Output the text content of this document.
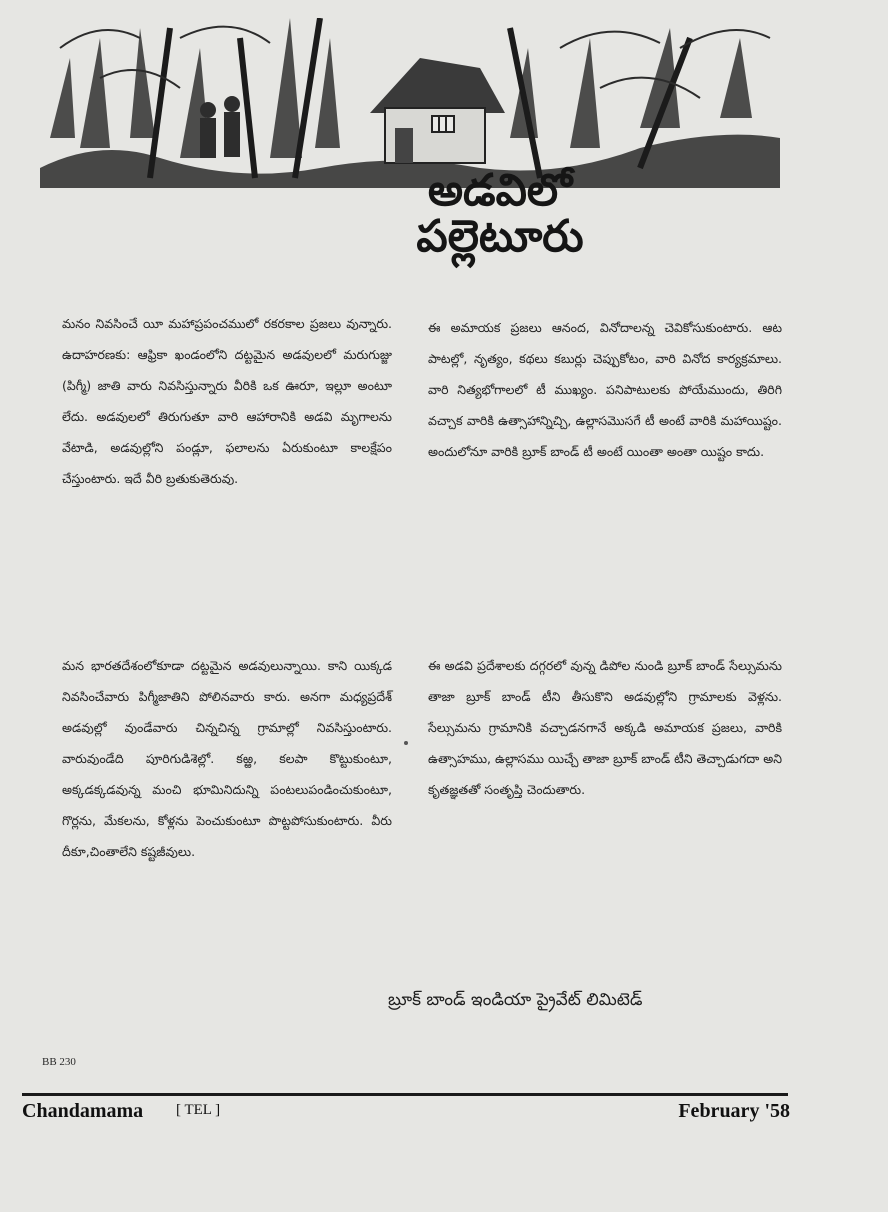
అడవిలో
పల్లెటూరు
మనం నివసించే యీ మహాప్రపంచములో రకరకాల ప్రజలు వున్నారు. ఉదాహరణకు: ఆఫ్రికా ఖండంలోని దట్టమైన అడవులలో మరుగుజ్జు (పిగ్మీ) జాతి వారు నివసిస్తున్నారు వీరికి ఒక ఊరూ, ఇల్లూ అంటూ లేదు. అడవులలో తిరుగుతూ వారి ఆహారానికి అడవి మృగాలను వేటాడి, అడవుల్లోని పండ్లూ, ఫలాలను ఏరుకుంటూ కాలక్షేపం చేస్తుంటారు. ఇదే వీరి బ్రతుకుతెరువు.
మన భారతదేశంలోకూడా దట్టమైన అడవులున్నాయి. కాని యిక్కడ నివసించేవారు పిగ్మీజాతిని పోలినవారు కారు. అనగా మధ్యప్రదేశ్ అడవుల్లో వుండేవారు చిన్నచిన్న గ్రామాల్లో నివసిస్తుంటారు. వారువుండేది పూరిగుడిశెల్లో. కఱ్ఱ, కలపా కొట్టుకుంటూ, అక్కడక్కడవున్న మంచి భూమినిదున్ని పంటలుపండించుకుంటూ, గొర్లను, మేకలను, కోళ్లను పెంచుకుంటూ పొట్టపోసుకుంటారు. వీరు దీకూ,చింతాలేని కష్టజీవులు.
ఈ అమాయక ప్రజలు ఆనంద, వినోదాలన్న చెవికోసుకుంటారు. ఆట పాటల్లో, నృత్యం, కథలు కబుర్లు చెప్పుకోటం, వారి వినోద కార్యక్రమాలు. వారి నిత్యభోగాలలో టీ ముఖ్యం. పనిపాటులకు పోయేముందు, తిరిగి వచ్చాక వారికి ఉత్సాహాన్నిచ్చి, ఉల్లాసమొసగే టీ అంటే వారికి మహాయిష్టం. అందులోనూ వారికి బ్రూక్ బాండ్ టీ అంటే యింతా అంతా యిష్టం కాదు.
ఈ అడవి ప్రదేశాలకు దగ్గరలో వున్న డిపోల నుండి బ్రూక్ బాండ్ సేల్సుమను తాజా బ్రూక్ బాండ్ టీని తీసుకొని అడవుల్లోని గ్రామాలకు వెళ్లను. సేల్సుమను గ్రామానికి వచ్చాడనగానే అక్కడి అమాయక ప్రజలు, వారికి ఉత్సాహము, ఉల్లాసము యిచ్చే తాజా బ్రూక్ బాండ్ టీని తెచ్చాడుగదా అని కృతజ్ఞతతో సంతృప్తి చెందుతారు.
బ్రూక్ బాండ్ ఇండియా ప్రైవేట్ లిమిటెడ్
BB 230
Chandamama [ TEL ]	February '58
